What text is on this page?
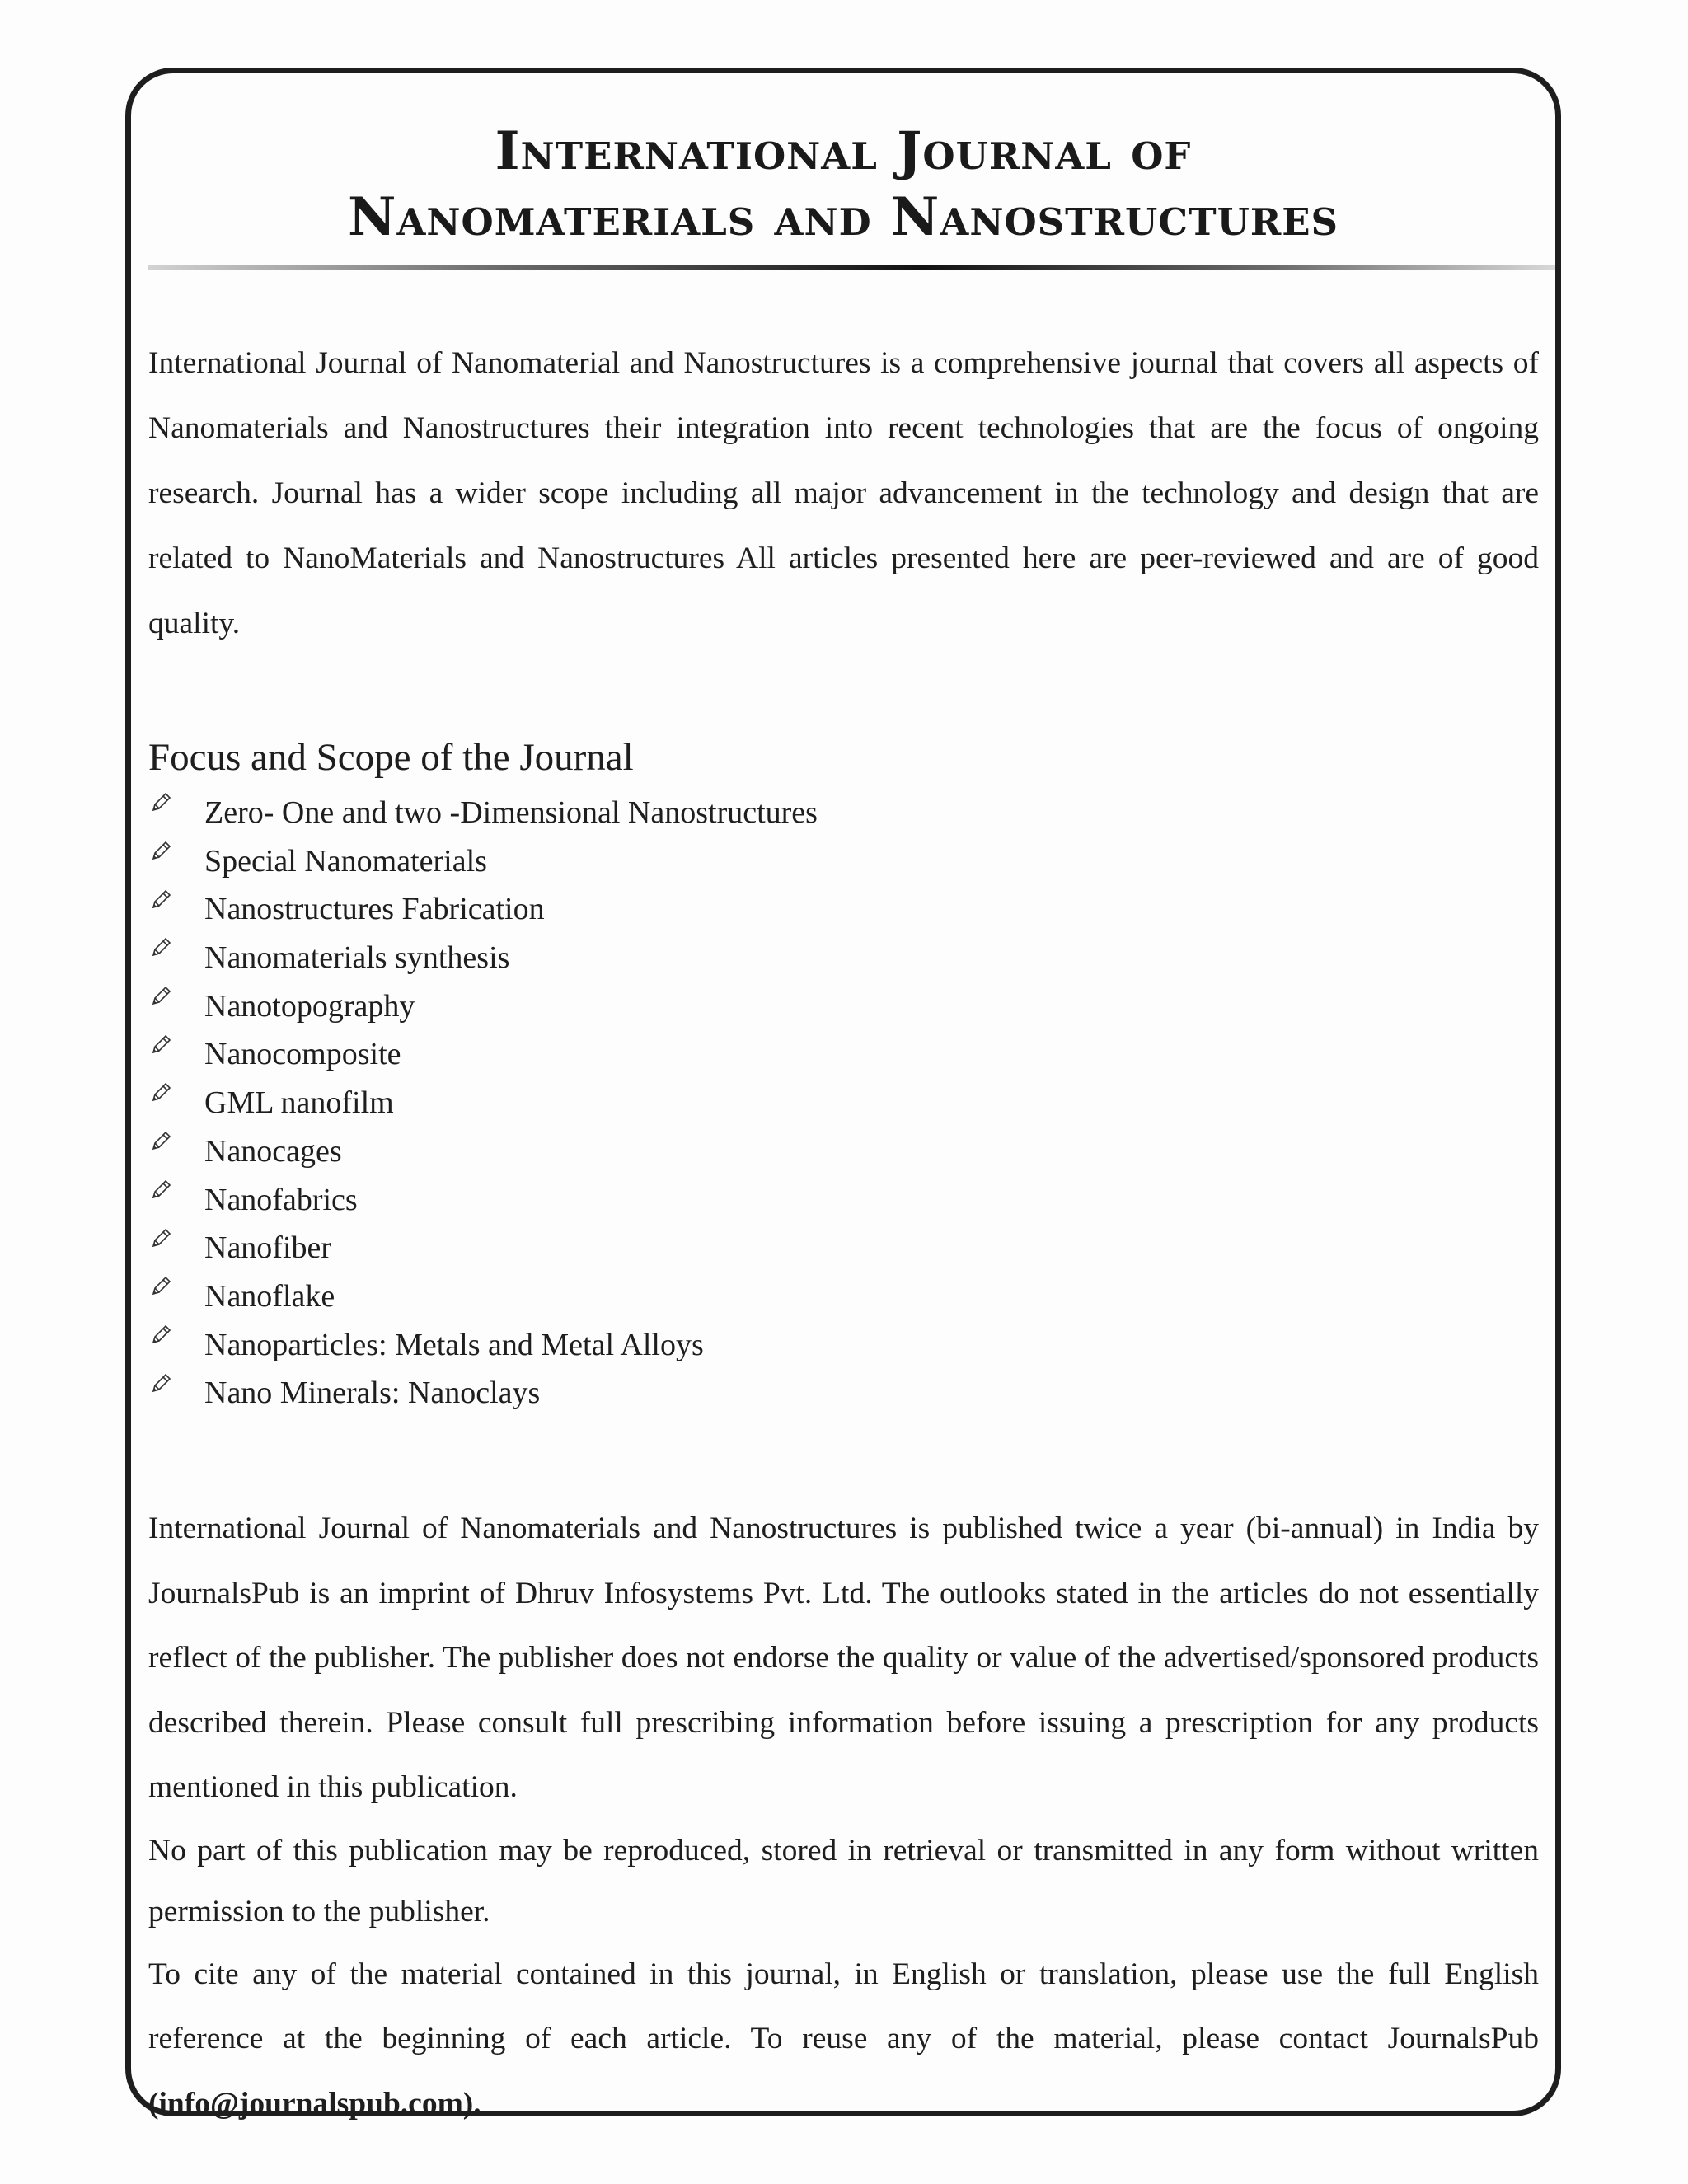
International Journal of
Nanomaterials and Nanostructures

International Journal of Nanomaterial and Nanostructures is a comprehensive journal that covers all aspects of Nanomaterials and Nanostructures their integration into recent technologies that are the focus of ongoing research. Journal has a wider scope including all major advancement in the technology and design that are related to NanoMaterials and Nanostructures All articles presented here are peer-reviewed and are of good quality.

Focus and Scope of the Journal
Zero- One and two -Dimensional Nanostructures
Special Nanomaterials
Nanostructures Fabrication
Nanomaterials synthesis
Nanotopography
Nanocomposite
GML nanofilm
Nanocages
Nanofabrics
Nanofiber
Nanoflake
Nanoparticles: Metals and Metal Alloys
Nano Minerals: Nanoclays

International Journal of Nanomaterials and Nanostructures is published twice a year (bi-annual) in India by JournalsPub is an imprint of Dhruv Infosystems Pvt. Ltd. The outlooks stated in the articles do not essentially reflect of the publisher. The publisher does not endorse the quality or value of the advertised/sponsored products described therein. Please consult full prescribing information before issuing a prescription for any products mentioned in this publication.

No part of this publication may be reproduced, stored in retrieval or transmitted in any form without written permission to the publisher.

To cite any of the material contained in this journal, in English or translation, please use the full English reference at the beginning of each article. To reuse any of the material, please contact JournalsPub (info@journalspub.com).
